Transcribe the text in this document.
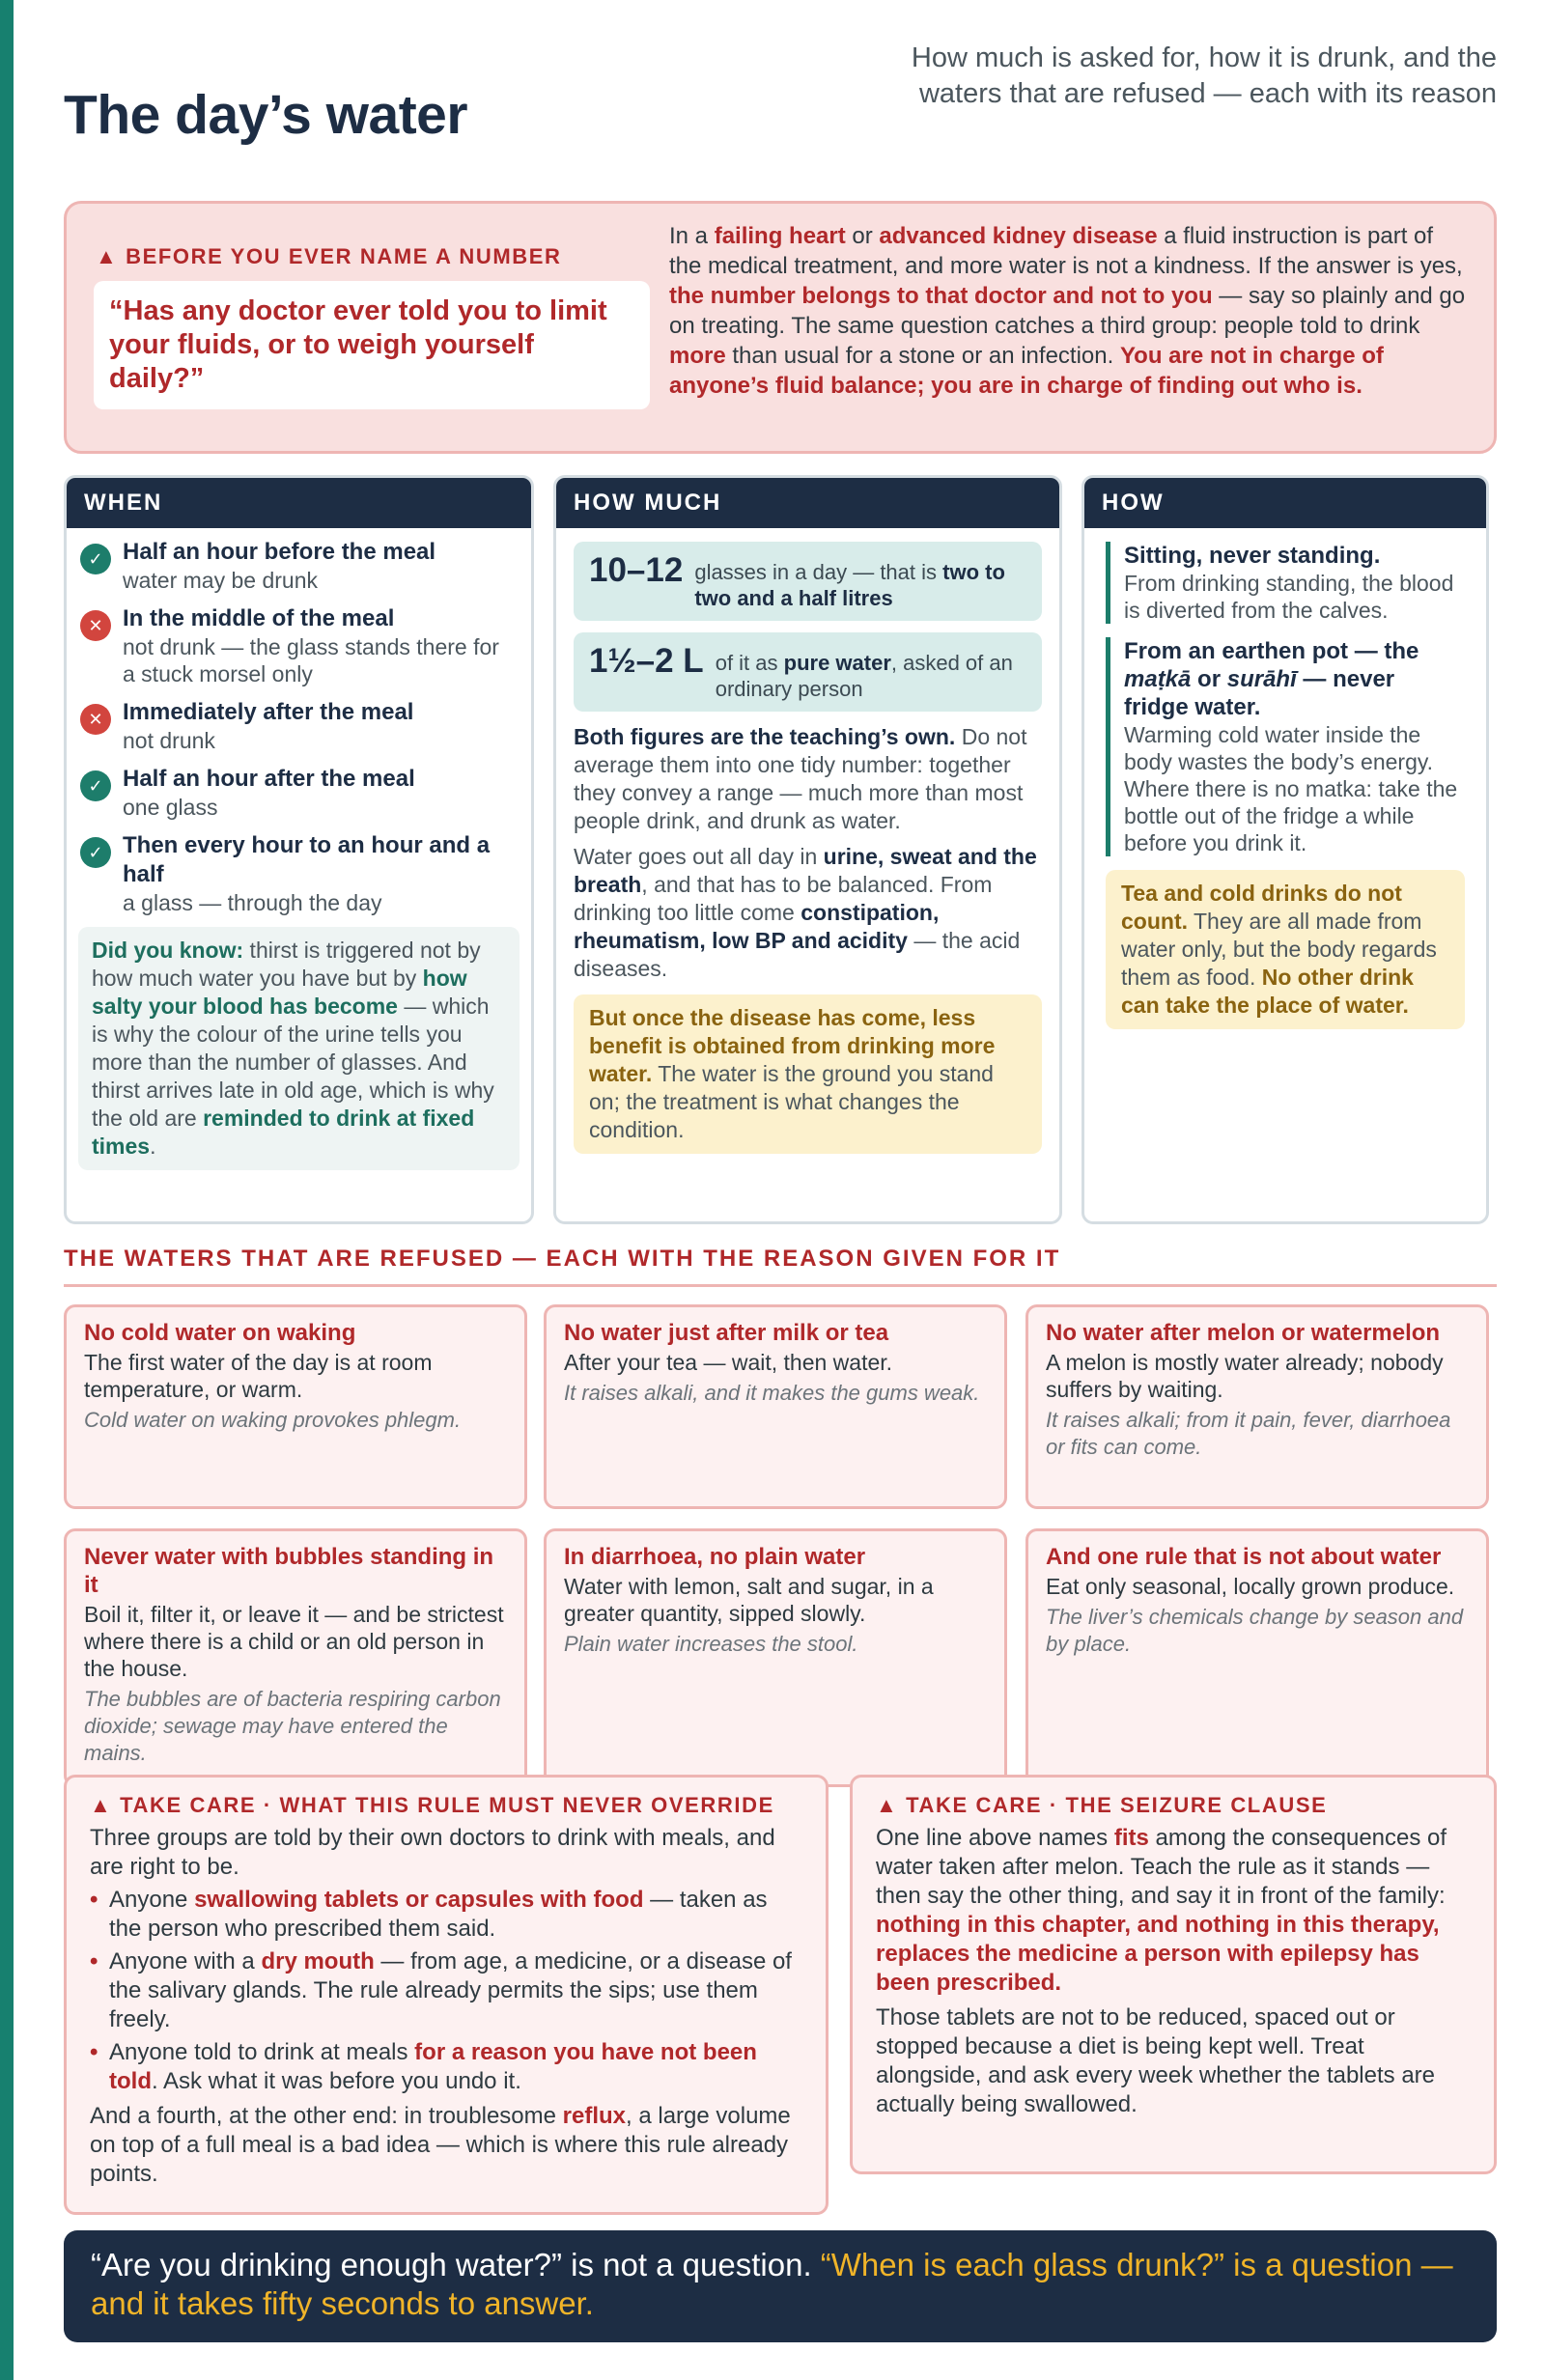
The day’s water
How much is asked for, how it is drunk, and the waters that are refused — each with its reason
▲ BEFORE YOU EVER NAME A NUMBER
“Has any doctor ever told you to limit your fluids, or to weigh yourself daily?”
In a failing heart or advanced kidney disease a fluid instruction is part of the medical treatment, and more water is not a kindness. If the answer is yes, the number belongs to that doctor and not to you — say so plainly and go on treating. The same question catches a third group: people told to drink more than usual for a stone or an infection. You are not in charge of anyone’s fluid balance; you are in charge of finding out who is.
WHEN
✓ Half an hour before the meal
water may be drunk
✕ In the middle of the meal
not drunk — the glass stands there for a stuck morsel only
✕ Immediately after the meal
not drunk
✓ Half an hour after the meal
one glass
✓ Then every hour to an hour and a half
a glass — through the day
Did you know: thirst is triggered not by how much water you have but by how salty your blood has become — which is why the colour of the urine tells you more than the number of glasses. And thirst arrives late in old age, which is why the old are reminded to drink at fixed times.
HOW MUCH
10–12 glasses in a day — that is two to two and a half litres
1½–2 L of it as pure water, asked of an ordinary person
Both figures are the teaching’s own. Do not average them into one tidy number: together they convey a range — much more than most people drink, and drunk as water.
Water goes out all day in urine, sweat and the breath, and that has to be balanced. From drinking too little come constipation, rheumatism, low BP and acidity — the acid diseases.
But once the disease has come, less benefit is obtained from drinking more water. The water is the ground you stand on; the treatment is what changes the condition.
HOW
Sitting, never standing.
From drinking standing, the blood is diverted from the calves.
From an earthen pot — the maṭkā or surāhī — never fridge water.
Warming cold water inside the body wastes the body’s energy. Where there is no matka: take the bottle out of the fridge a while before you drink it.
Tea and cold drinks do not count. They are all made from water only, but the body regards them as food. No other drink can take the place of water.
THE WATERS THAT ARE REFUSED — EACH WITH THE REASON GIVEN FOR IT
No cold water on waking
The first water of the day is at room temperature, or warm.
Cold water on waking provokes phlegm.
No water just after milk or tea
After your tea — wait, then water.
It raises alkali, and it makes the gums weak.
No water after melon or watermelon
A melon is mostly water already; nobody suffers by waiting.
It raises alkali; from it pain, fever, diarrhoea or fits can come.
Never water with bubbles standing in it
Boil it, filter it, or leave it — and be strictest where there is a child or an old person in the house.
The bubbles are of bacteria respiring carbon dioxide; sewage may have entered the mains.
In diarrhoea, no plain water
Water with lemon, salt and sugar, in a greater quantity, sipped slowly.
Plain water increases the stool.
And one rule that is not about water
Eat only seasonal, locally grown produce.
The liver’s chemicals change by season and by place.
▲ TAKE CARE · WHAT THIS RULE MUST NEVER OVERRIDE
Three groups are told by their own doctors to drink with meals, and are right to be.
• Anyone swallowing tablets or capsules with food — taken as the person who prescribed them said.
• Anyone with a dry mouth — from age, a medicine, or a disease of the salivary glands. The rule already permits the sips; use them freely.
• Anyone told to drink at meals for a reason you have not been told. Ask what it was before you undo it.
And a fourth, at the other end: in troublesome reflux, a large volume on top of a full meal is a bad idea — which is where this rule already points.
▲ TAKE CARE · THE SEIZURE CLAUSE
One line above names fits among the consequences of water taken after melon. Teach the rule as it stands — then say the other thing, and say it in front of the family: nothing in this chapter, and nothing in this therapy, replaces the medicine a person with epilepsy has been prescribed.
Those tablets are not to be reduced, spaced out or stopped because a diet is being kept well. Treat alongside, and ask every week whether the tablets are actually being swallowed.
“Are you drinking enough water?” is not a question. “When is each glass drunk?” is a question — and it takes fifty seconds to answer.
